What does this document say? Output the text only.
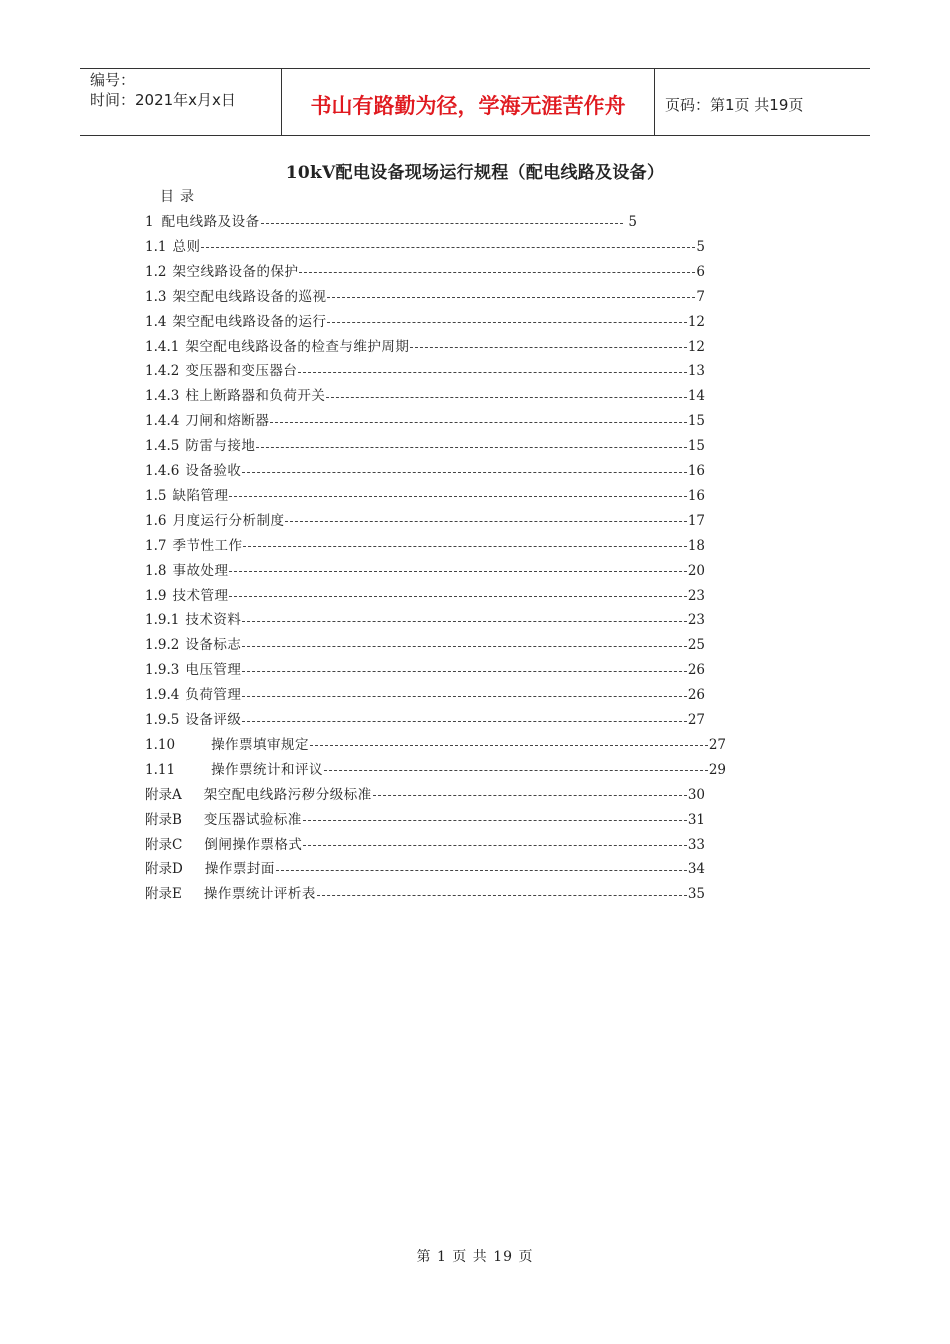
编号：
时间：2021年x月x日	书山有路勤为径，学海无涯苦作舟	页码：第1页 共19页
10kV配电设备现场运行规程（配电线路及设备）
目录
1 配电线路及设备	5
1.1 总则	5
1.2 架空线路设备的保护	6
1.3 架空配电线路设备的巡视	7
1.4 架空配电线路设备的运行	12
1.4.1 架空配电线路设备的检查与维护周期	12
1.4.2 变压器和变压器台	13
1.4.3 柱上断路器和负荷开关	14
1.4.4 刀闸和熔断器	15
1.4.5 防雷与接地	15
1.4.6 设备验收	16
1.5 缺陷管理	16
1.6 月度运行分析制度	17
1.7 季节性工作	18
1.8 事故处理	20
1.9 技术管理	23
1.9.1 技术资料	23
1.9.2 设备标志	25
1.9.3 电压管理	26
1.9.4 负荷管理	26
1.9.5 设备评级	27
1.10	操作票填审规定	27
1.11	操作票统计和评议	29
附录A 架空配电线路污秽分级标准	30
附录B 变压器试验标准	31
附录C 倒闸操作票格式	33
附录D 操作票封面	34
附录E 操作票统计评析表	35
第 1 页 共 19 页
